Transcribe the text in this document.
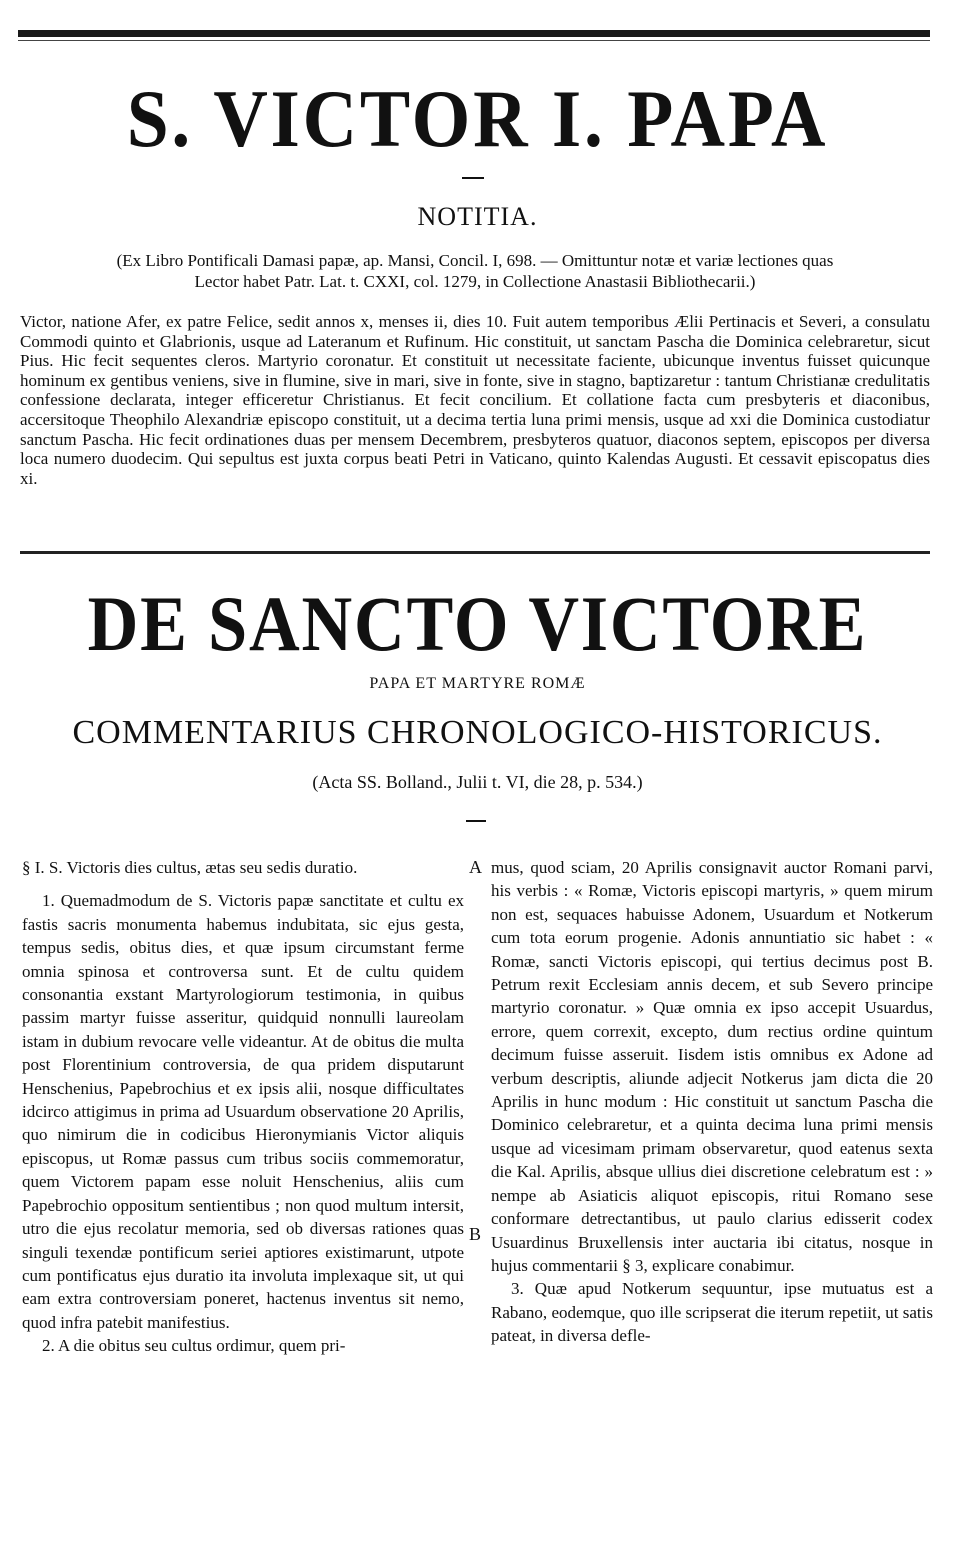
S. VICTOR I. PAPA
NOTITIA.
(Ex Libro Pontificali Damasi papæ, ap. Mansi, Concil. I, 698. — Omittuntur notæ et variæ lectiones quas
Lector habet Patr. Lat. t. CXXI, col. 1279, in Collectione Anastasii Bibliothecarii.)
Victor, natione Afer, ex patre Felice, sedit annos x, menses ii, dies 10. Fuit autem temporibus Ælii Pertinacis et Severi, a consulatu Commodi quinto et Glabrionis, usque ad Lateranum et Rufinum. Hic constituit, ut sanctam Pascha die Dominica celebraretur, sicut Pius. Hic fecit sequentes cleros. Martyrio coronatur. Et constituit ut necessitate faciente, ubicunque inventus fuisset quicunque hominum ex gentibus veniens, sive in flumine, sive in mari, sive in fonte, sive in stagno, baptizaretur : tantum Christianæ credulitatis confessione declarata, integer efficeretur Christianus. Et fecit concilium. Et collatione facta cum presbyteris et diaconibus, accersitoque Theophilo Alexandriæ episcopo constituit, ut a decima tertia luna primi mensis, usque ad xxi die Dominica custodiatur sanctum Pascha. Hic fecit ordinationes duas per mensem Decembrem, presbyteros quatuor, diaconos septem, episcopos per diversa loca numero duodecim. Qui sepultus est juxta corpus beati Petri in Vaticano, quinto Kalendas Augusti. Et cessavit episcopatus dies xi.
DE SANCTO VICTORE
PAPA ET MARTYRE ROMÆ
COMMENTARIUS CHRONOLOGICO-HISTORICUS.
(Acta SS. Bolland., Julii t. VI, die 28, p. 534.)

§ I. S. Victoris dies cultus, ætas seu sedis duratio.

1. Quemadmodum de S. Victoris papæ sanctitate et cultu ex fastis sacris monumenta habemus indubitata, sic ejus gesta, tempus sedis, obitus dies, et quæ ipsum circumstant ferme omnia spinosa et controversa sunt. Et de cultu quidem consonantia exstant Martyrologiorum testimonia, in quibus passim martyr fuisse asseritur, quidquid nonnulli laureolam istam in dubium revocare velle videantur. At de obitus die multa post Florentinium controversia, de qua pridem disputarunt Henschenius, Papebrochius et ex ipsis alii, nosque difficultates idcirco attigimus in prima ad Usuardum observatione 20 Aprilis, quo nimirum die in codicibus Hieronymianis Victor aliquis episcopus, ut Romæ passus cum tribus sociis commemoratur, quem Victorem papam esse noluit Henschenius, aliis cum Papebrochio oppositum sentientibus ; non quod multum intersit, utro die ejus recolatur memoria, sed ob diversas rationes quas singuli texendæ pontificum seriei aptiores existimarunt, utpote cum pontificatus ejus duratio ita involuta implexaque sit, ut qui eam extra controversiam poneret, hactenus inventus sit nemo, quod infra patebit manifestius.

2. A die obitus seu cultus ordimur, quem pri-

A
B

mus, quod sciam, 20 Aprilis consignavit auctor Romani parvi, his verbis : « Romæ, Victoris episcopi martyris, » quem mirum non est, sequaces habuisse Adonem, Usuardum et Notkerum cum tota eorum progenie. Adonis annuntiatio sic habet : « Romæ, sancti Victoris episcopi, qui tertius decimus post B. Petrum rexit Ecclesiam annis decem, et sub Severo principe martyrio coronatur. » Quæ omnia ex ipso accepit Usuardus, errore, quem correxit, excepto, dum rectius ordine quintum decimum fuisse asseruit. Iisdem istis omnibus ex Adone ad verbum descriptis, aliunde adjecit Notkerus jam dicta die 20 Aprilis in hunc modum : Hic constituit ut sanctum Pascha die Dominico celebraretur, et a quinta decima luna primi mensis usque ad vicesimam primam observaretur, quod eatenus sexta die Kal. Aprilis, absque ullius diei discretione celebratum est : » nempe ab Asiaticis aliquot episcopis, ritui Romano sese conformare detrectantibus, ut paulo clarius edisserit codex Usuardinus Bruxellensis inter auctaria ibi citatus, nosque in hujus commentarii § 3, explicare conabimur.

3. Quæ apud Notkerum sequuntur, ipse mutuatus est a Rabano, eodemque, quo ille scripserat die iterum repetiit, ut satis pateat, in diversa defle-
